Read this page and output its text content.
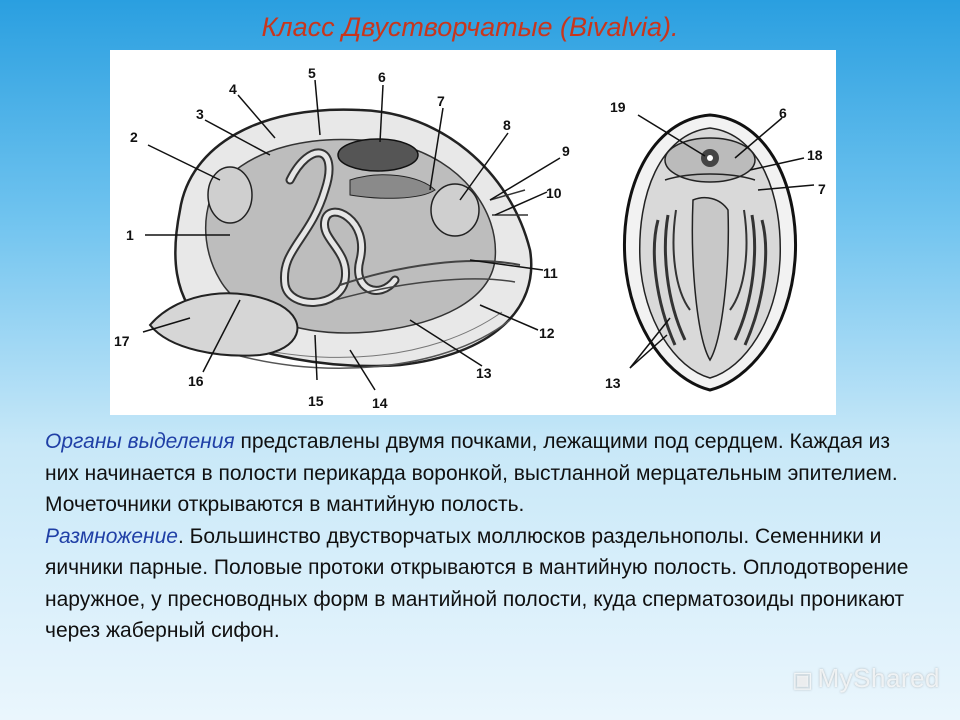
Класс Двустворчатые (Bivalvia).
1
2
3
4
5	6
7
8
9
10
11
12
13
14
15
16
17
19	6
18
7
13
Органы выделения представлены двумя почками, лежащими под сердцем. Каждая из них начинается в полости перикарда воронкой, выстланной мерцательным эпителием. Мочеточники открываются в мантийную полость.
Размножение. Большинство двустворчатых моллюсков раздельнополы. Семенники и яичники парные. Половые протоки открываются в мантийную полость. Оплодотворение наружное, у пресноводных форм в мантийной полости, куда сперматозоиды проникают через жаберный сифон.
▣ MyShared
